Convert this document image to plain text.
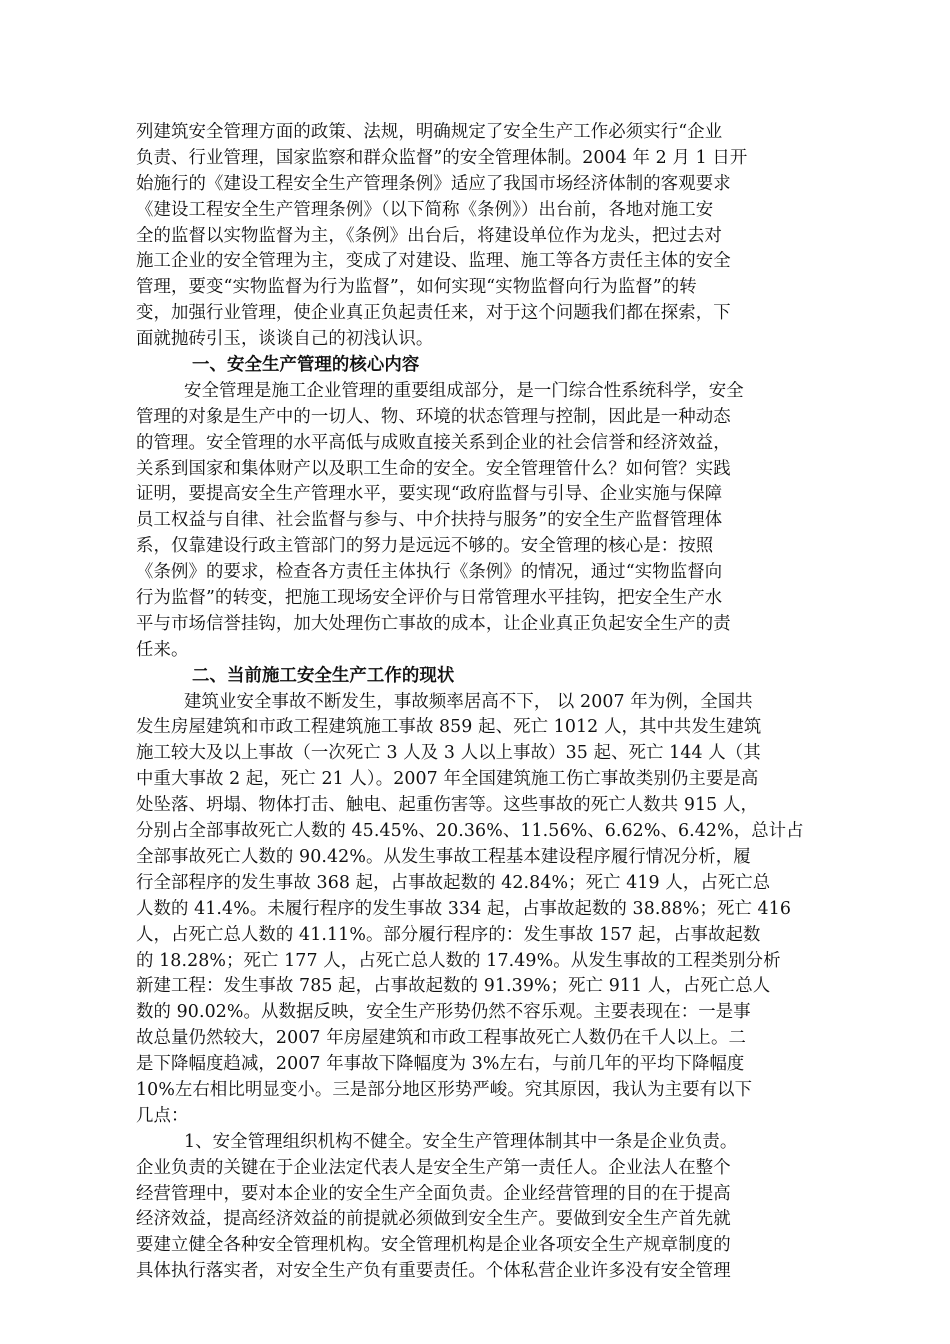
列建筑安全管理方面的政策、法规，明确规定了安全生产工作必须实行“企业
负责、行业管理，国家监察和群众监督”的安全管理体制。2004 年 2 月 1 日开
始施行的《建设工程安全生产管理条例》适应了我国市场经济体制的客观要求
《建设工程安全生产管理条例》（以下简称《条例》）出台前，各地对施工安
全的监督以实物监督为主，《条例》出台后，将建设单位作为龙头，把过去对
施工企业的安全管理为主，变成了对建设、监理、施工等各方责任主体的安全
管理，要变“实物监督为行为监督”，如何实现“实物监督向行为监督”的转
变，加强行业管理，使企业真正负起责任来，对于这个问题我们都在探索，下
面就抛砖引玉，谈谈自己的初浅认识。
一、安全生产管理的核心内容
安全管理是施工企业管理的重要组成部分，是一门综合性系统科学，安全
管理的对象是生产中的一切人、物、环境的状态管理与控制，因此是一种动态
的管理。安全管理的水平高低与成败直接关系到企业的社会信誉和经济效益，
关系到国家和集体财产以及职工生命的安全。安全管理管什么？如何管？实践
证明，要提高安全生产管理水平，要实现“政府监督与引导、企业实施与保障
员工权益与自律、社会监督与参与、中介扶持与服务”的安全生产监督管理体
系，仅靠建设行政主管部门的努力是远远不够的。安全管理的核心是：按照
《条例》的要求，检查各方责任主体执行《条例》的情况，通过“实物监督向
行为监督”的转变，把施工现场安全评价与日常管理水平挂钩，把安全生产水
平与市场信誉挂钩，加大处理伤亡事故的成本，让企业真正负起安全生产的责
任来。
二、当前施工安全生产工作的现状
建筑业安全事故不断发生，事故频率居高不下， 以 2007 年为例，全国共
发生房屋建筑和市政工程建筑施工事故 859 起、死亡 1012 人，其中共发生建筑
施工较大及以上事故（一次死亡 3 人及 3 人以上事故）35 起、死亡 144 人（其
中重大事故 2 起，死亡 21 人）。2007 年全国建筑施工伤亡事故类别仍主要是高
处坠落、坍塌、物体打击、触电、起重伤害等。这些事故的死亡人数共 915 人，
分别占全部事故死亡人数的 45.45%、20.36%、11.56%、6.62%、6.42%，总计占
全部事故死亡人数的 90.42%。从发生事故工程基本建设程序履行情况分析，履
行全部程序的发生事故 368 起，占事故起数的 42.84%；死亡 419 人，占死亡总
人数的 41.4%。未履行程序的发生事故 334 起，占事故起数的 38.88%；死亡 416
人，占死亡总人数的 41.11%。部分履行程序的：发生事故 157 起，占事故起数
的 18.28%；死亡 177 人，占死亡总人数的 17.49%。从发生事故的工程类别分析
新建工程：发生事故 785 起，占事故起数的 91.39%；死亡 911 人，占死亡总人
数的 90.02%。从数据反映，安全生产形势仍然不容乐观。主要表现在：一是事
故总量仍然较大，2007 年房屋建筑和市政工程事故死亡人数仍在千人以上。二
是下降幅度趋减，2007 年事故下降幅度为 3%左右，与前几年的平均下降幅度
10%左右相比明显变小。三是部分地区形势严峻。究其原因，我认为主要有以下
几点：
1、安全管理组织机构不健全。安全生产管理体制其中一条是企业负责。
企业负责的关键在于企业法定代表人是安全生产第一责任人。企业法人在整个
经营管理中，要对本企业的安全生产全面负责。企业经营管理的目的在于提高
经济效益，提高经济效益的前提就必须做到安全生产。要做到安全生产首先就
要建立健全各种安全管理机构。安全管理机构是企业各项安全生产规章制度的
具体执行落实者，对安全生产负有重要责任。个体私营企业许多没有安全管理
